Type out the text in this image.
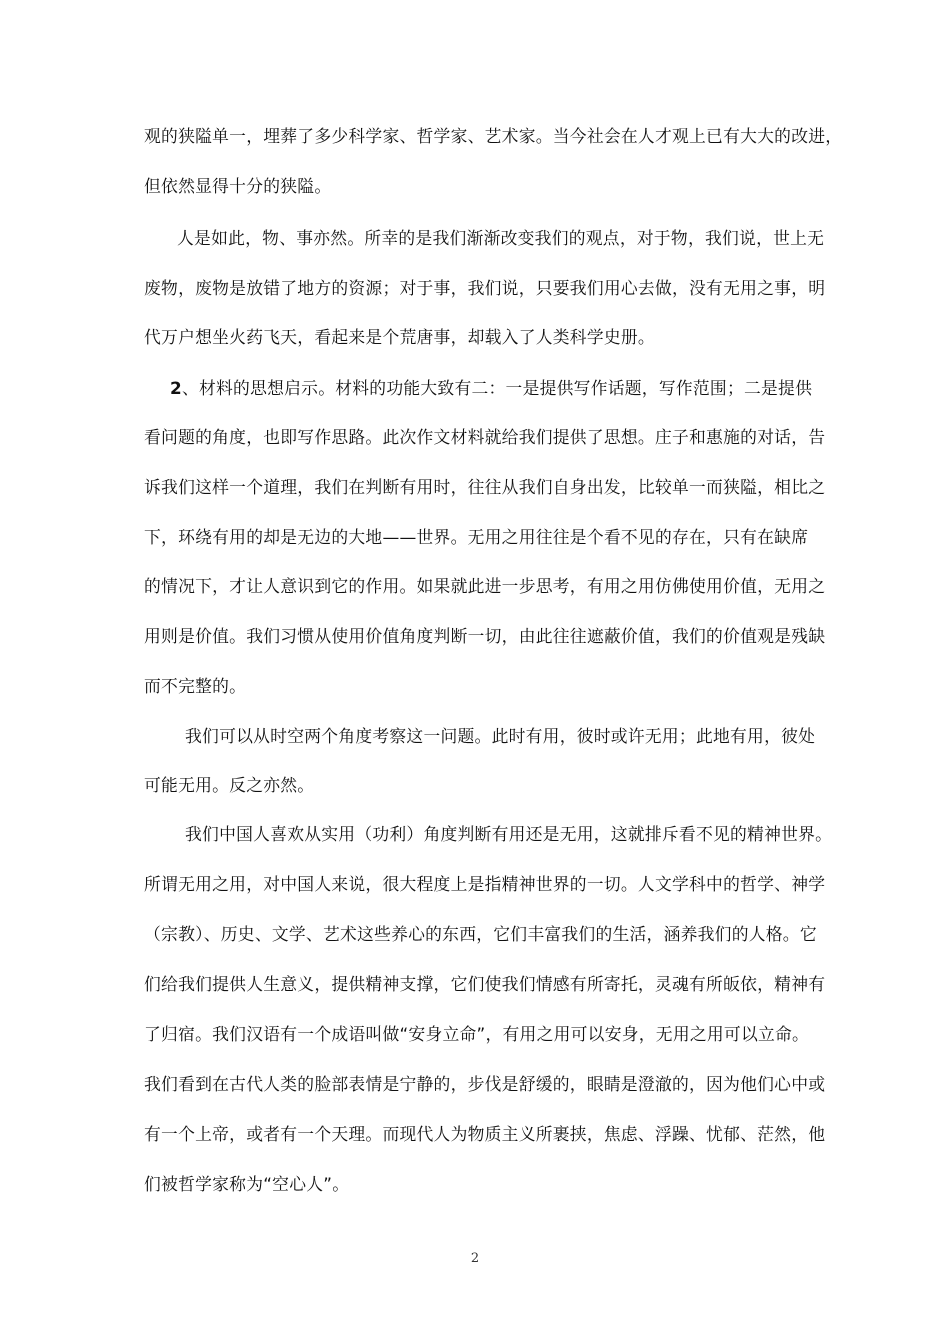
观的狭隘单一，埋葬了多少科学家、哲学家、艺术家。当今社会在人才观上已有大大的改进，
但依然显得十分的狭隘。
人是如此，物、事亦然。所幸的是我们渐渐改变我们的观点，对于物，我们说，世上无
废物，废物是放错了地方的资源；对于事，我们说，只要我们用心去做，没有无用之事，明
代万户想坐火药飞天，看起来是个荒唐事，却载入了人类科学史册。
2、材料的思想启示。材料的功能大致有二：一是提供写作话题，写作范围；二是提供
看问题的角度，也即写作思路。此次作文材料就给我们提供了思想。庄子和惠施的对话，告
诉我们这样一个道理，我们在判断有用时，往往从我们自身出发，比较单一而狭隘，相比之
下，环绕有用的却是无边的大地——世界。无用之用往往是个看不见的存在，只有在缺席
的情况下，才让人意识到它的作用。如果就此进一步思考，有用之用仿佛使用价值，无用之
用则是价值。我们习惯从使用价值角度判断一切，由此往往遮蔽价值，我们的价值观是残缺
而不完整的。
我们可以从时空两个角度考察这一问题。此时有用，彼时或许无用；此地有用，彼处
可能无用。反之亦然。
我们中国人喜欢从实用（功利）角度判断有用还是无用，这就排斥看不见的精神世界。
所谓无用之用，对中国人来说，很大程度上是指精神世界的一切。人文学科中的哲学、神学
（宗教）、历史、文学、艺术这些养心的东西，它们丰富我们的生活，涵养我们的人格。它
们给我们提供人生意义，提供精神支撑，它们使我们情感有所寄托，灵魂有所皈依，精神有
了归宿。我们汉语有一个成语叫做“安身立命”，有用之用可以安身，无用之用可以立命。
我们看到在古代人类的脸部表情是宁静的，步伐是舒缓的，眼睛是澄澈的，因为他们心中或
有一个上帝，或者有一个天理。而现代人为物质主义所裹挟，焦虑、浮躁、忧郁、茫然，他
们被哲学家称为“空心人”。
2
